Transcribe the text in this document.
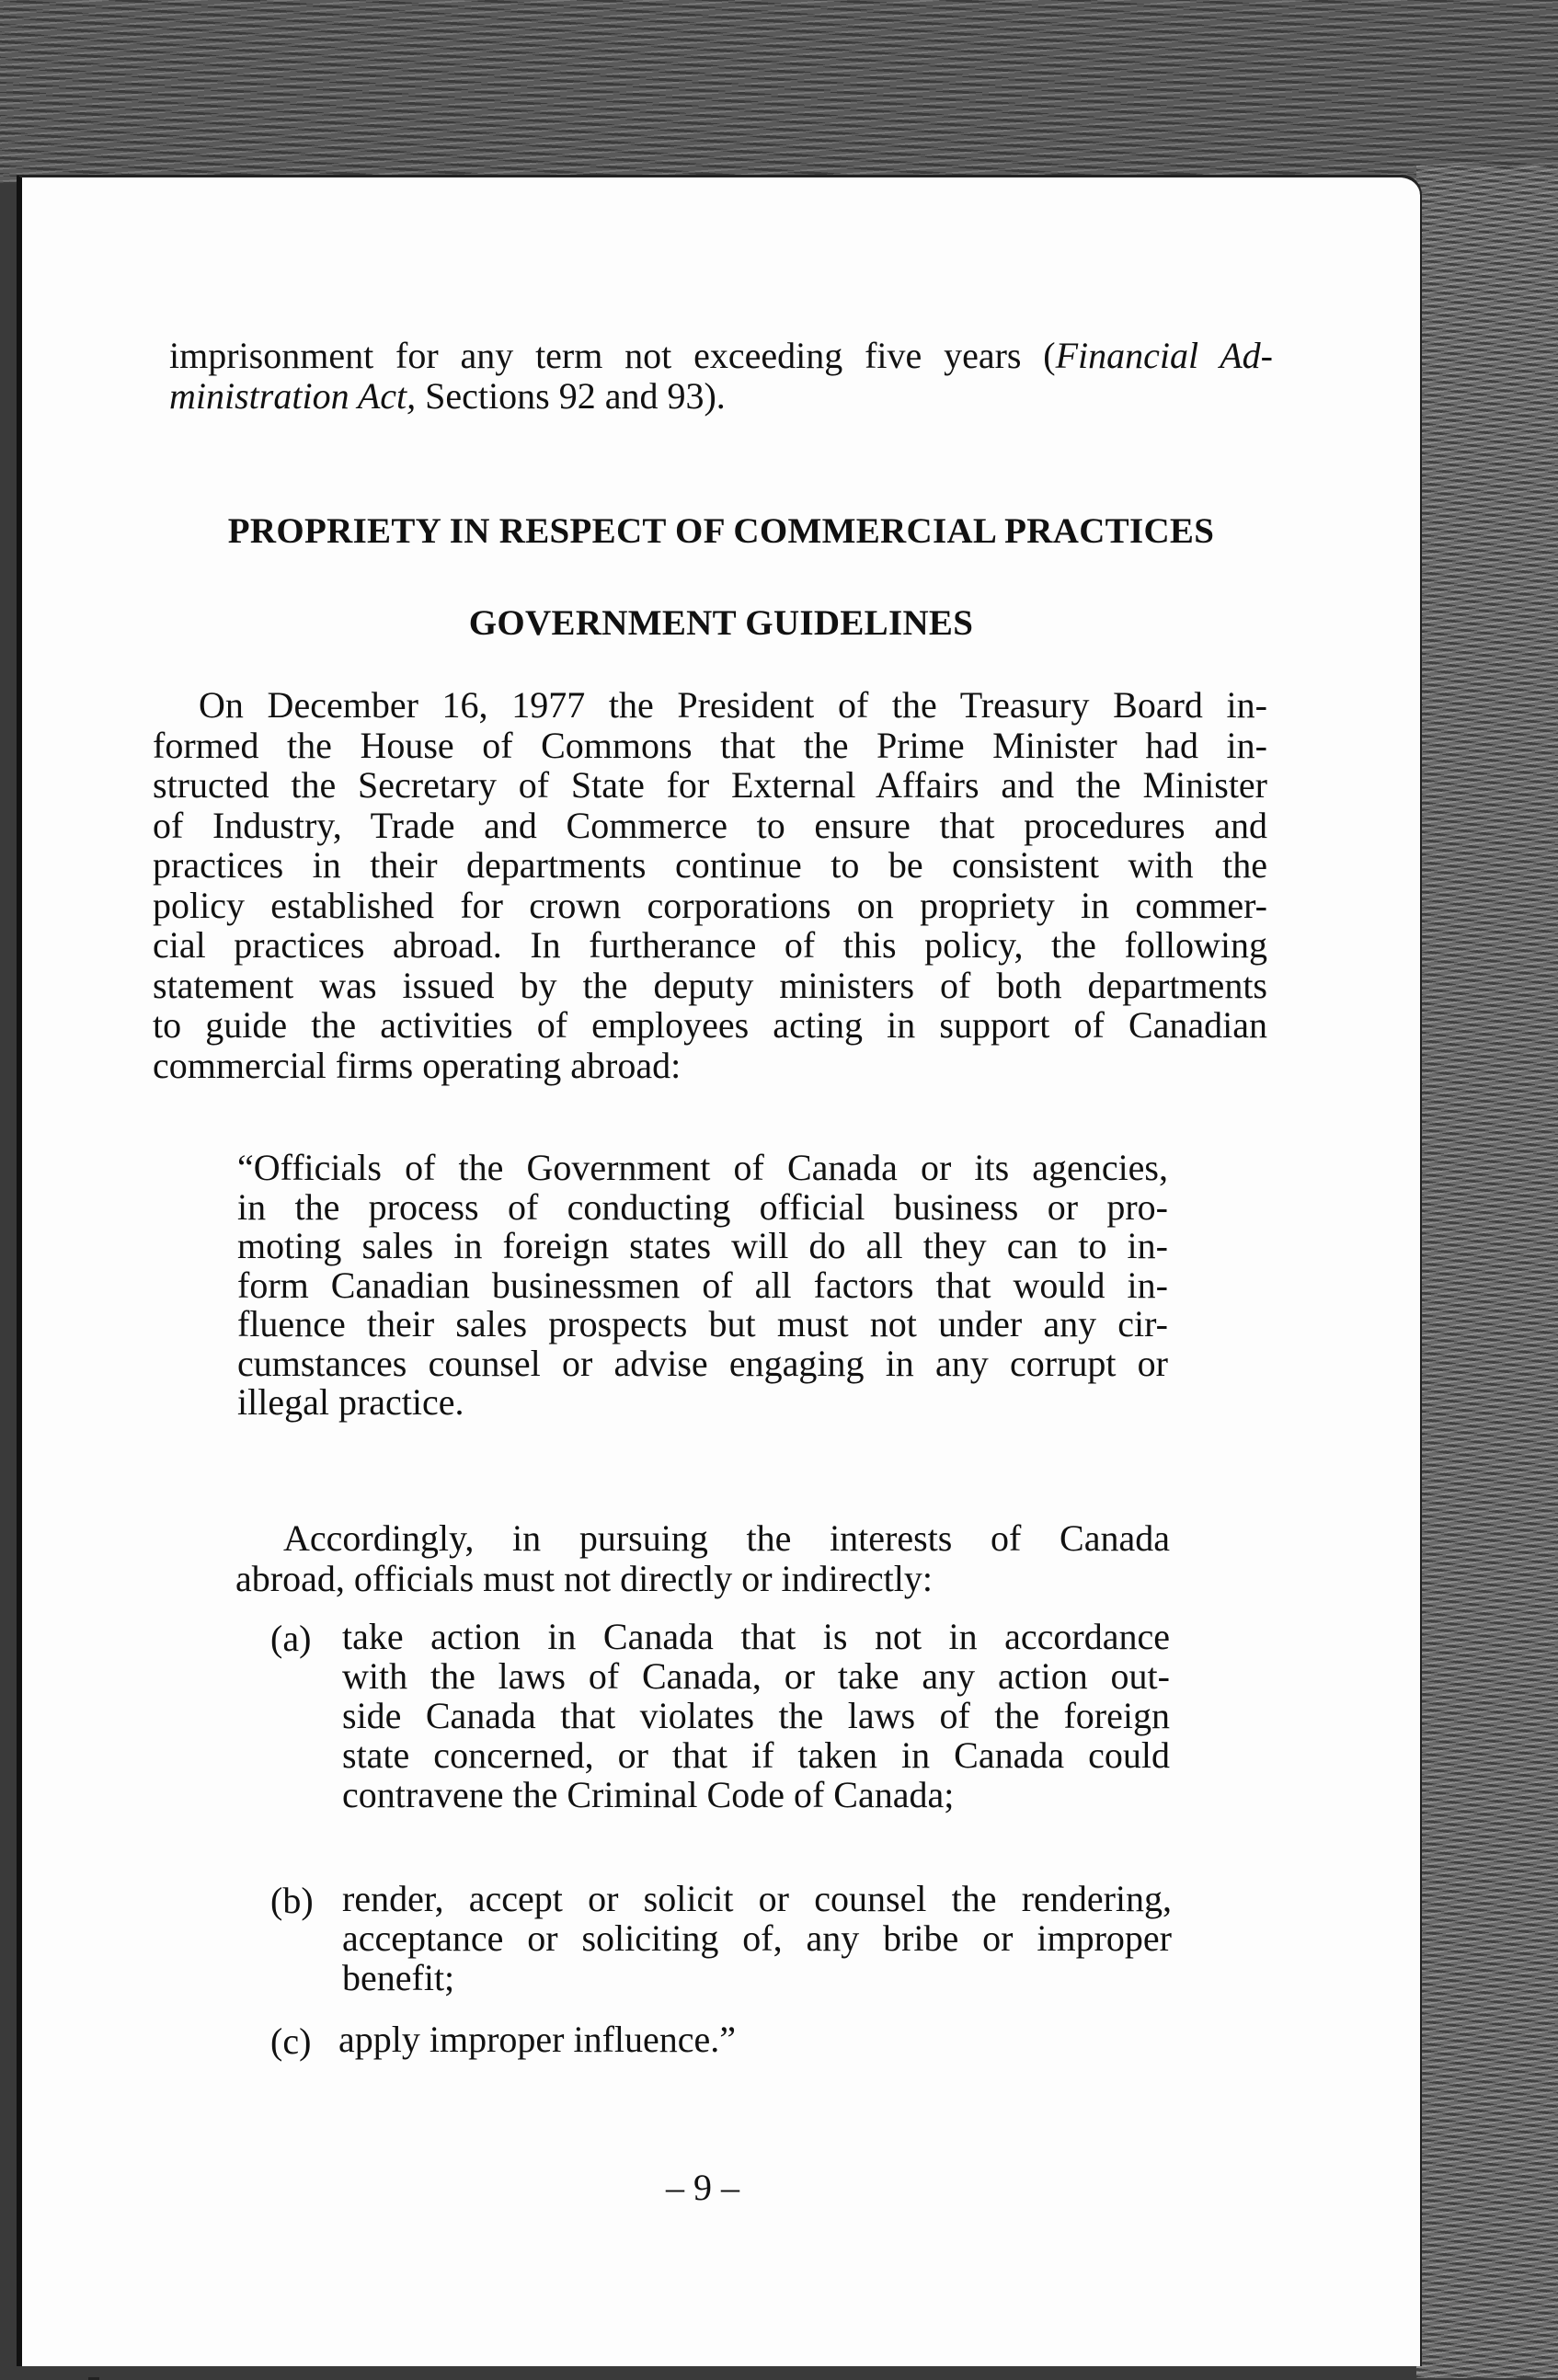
imprisonment for any term not exceeding five years (Financial Ad-
ministration Act, Sections 92 and 93).
PROPRIETY IN RESPECT OF COMMERCIAL PRACTICES
GOVERNMENT GUIDELINES
On December 16, 1977 the President of the Treasury Board in-
formed the House of Commons that the Prime Minister had in-
structed the Secretary of State for External Affairs and the Minister
of Industry, Trade and Commerce to ensure that procedures and
practices in their departments continue to be consistent with the
policy established for crown corporations on propriety in commer-
cial practices abroad. In furtherance of this policy, the following
statement was issued by the deputy ministers of both departments
to guide the activities of employees acting in support of Canadian
commercial firms operating abroad:
“Officials of the Government of Canada or its agencies,
in the process of conducting official business or pro-
moting sales in foreign states will do all they can to in-
form Canadian businessmen of all factors that would in-
fluence their sales prospects but must not under any cir-
cumstances counsel or advise engaging in any corrupt or
illegal practice.
Accordingly, in pursuing the interests of Canada
abroad, officials must not directly or indirectly:
(a) take action in Canada that is not in accordance
with the laws of Canada, or take any action out-
side Canada that violates the laws of the foreign
state concerned, or that if taken in Canada could
contravene the Criminal Code of Canada;
(b) render, accept or solicit or counsel the rendering,
acceptance or soliciting of, any bribe or improper
benefit;
(c) apply improper influence.”
– 9 –
